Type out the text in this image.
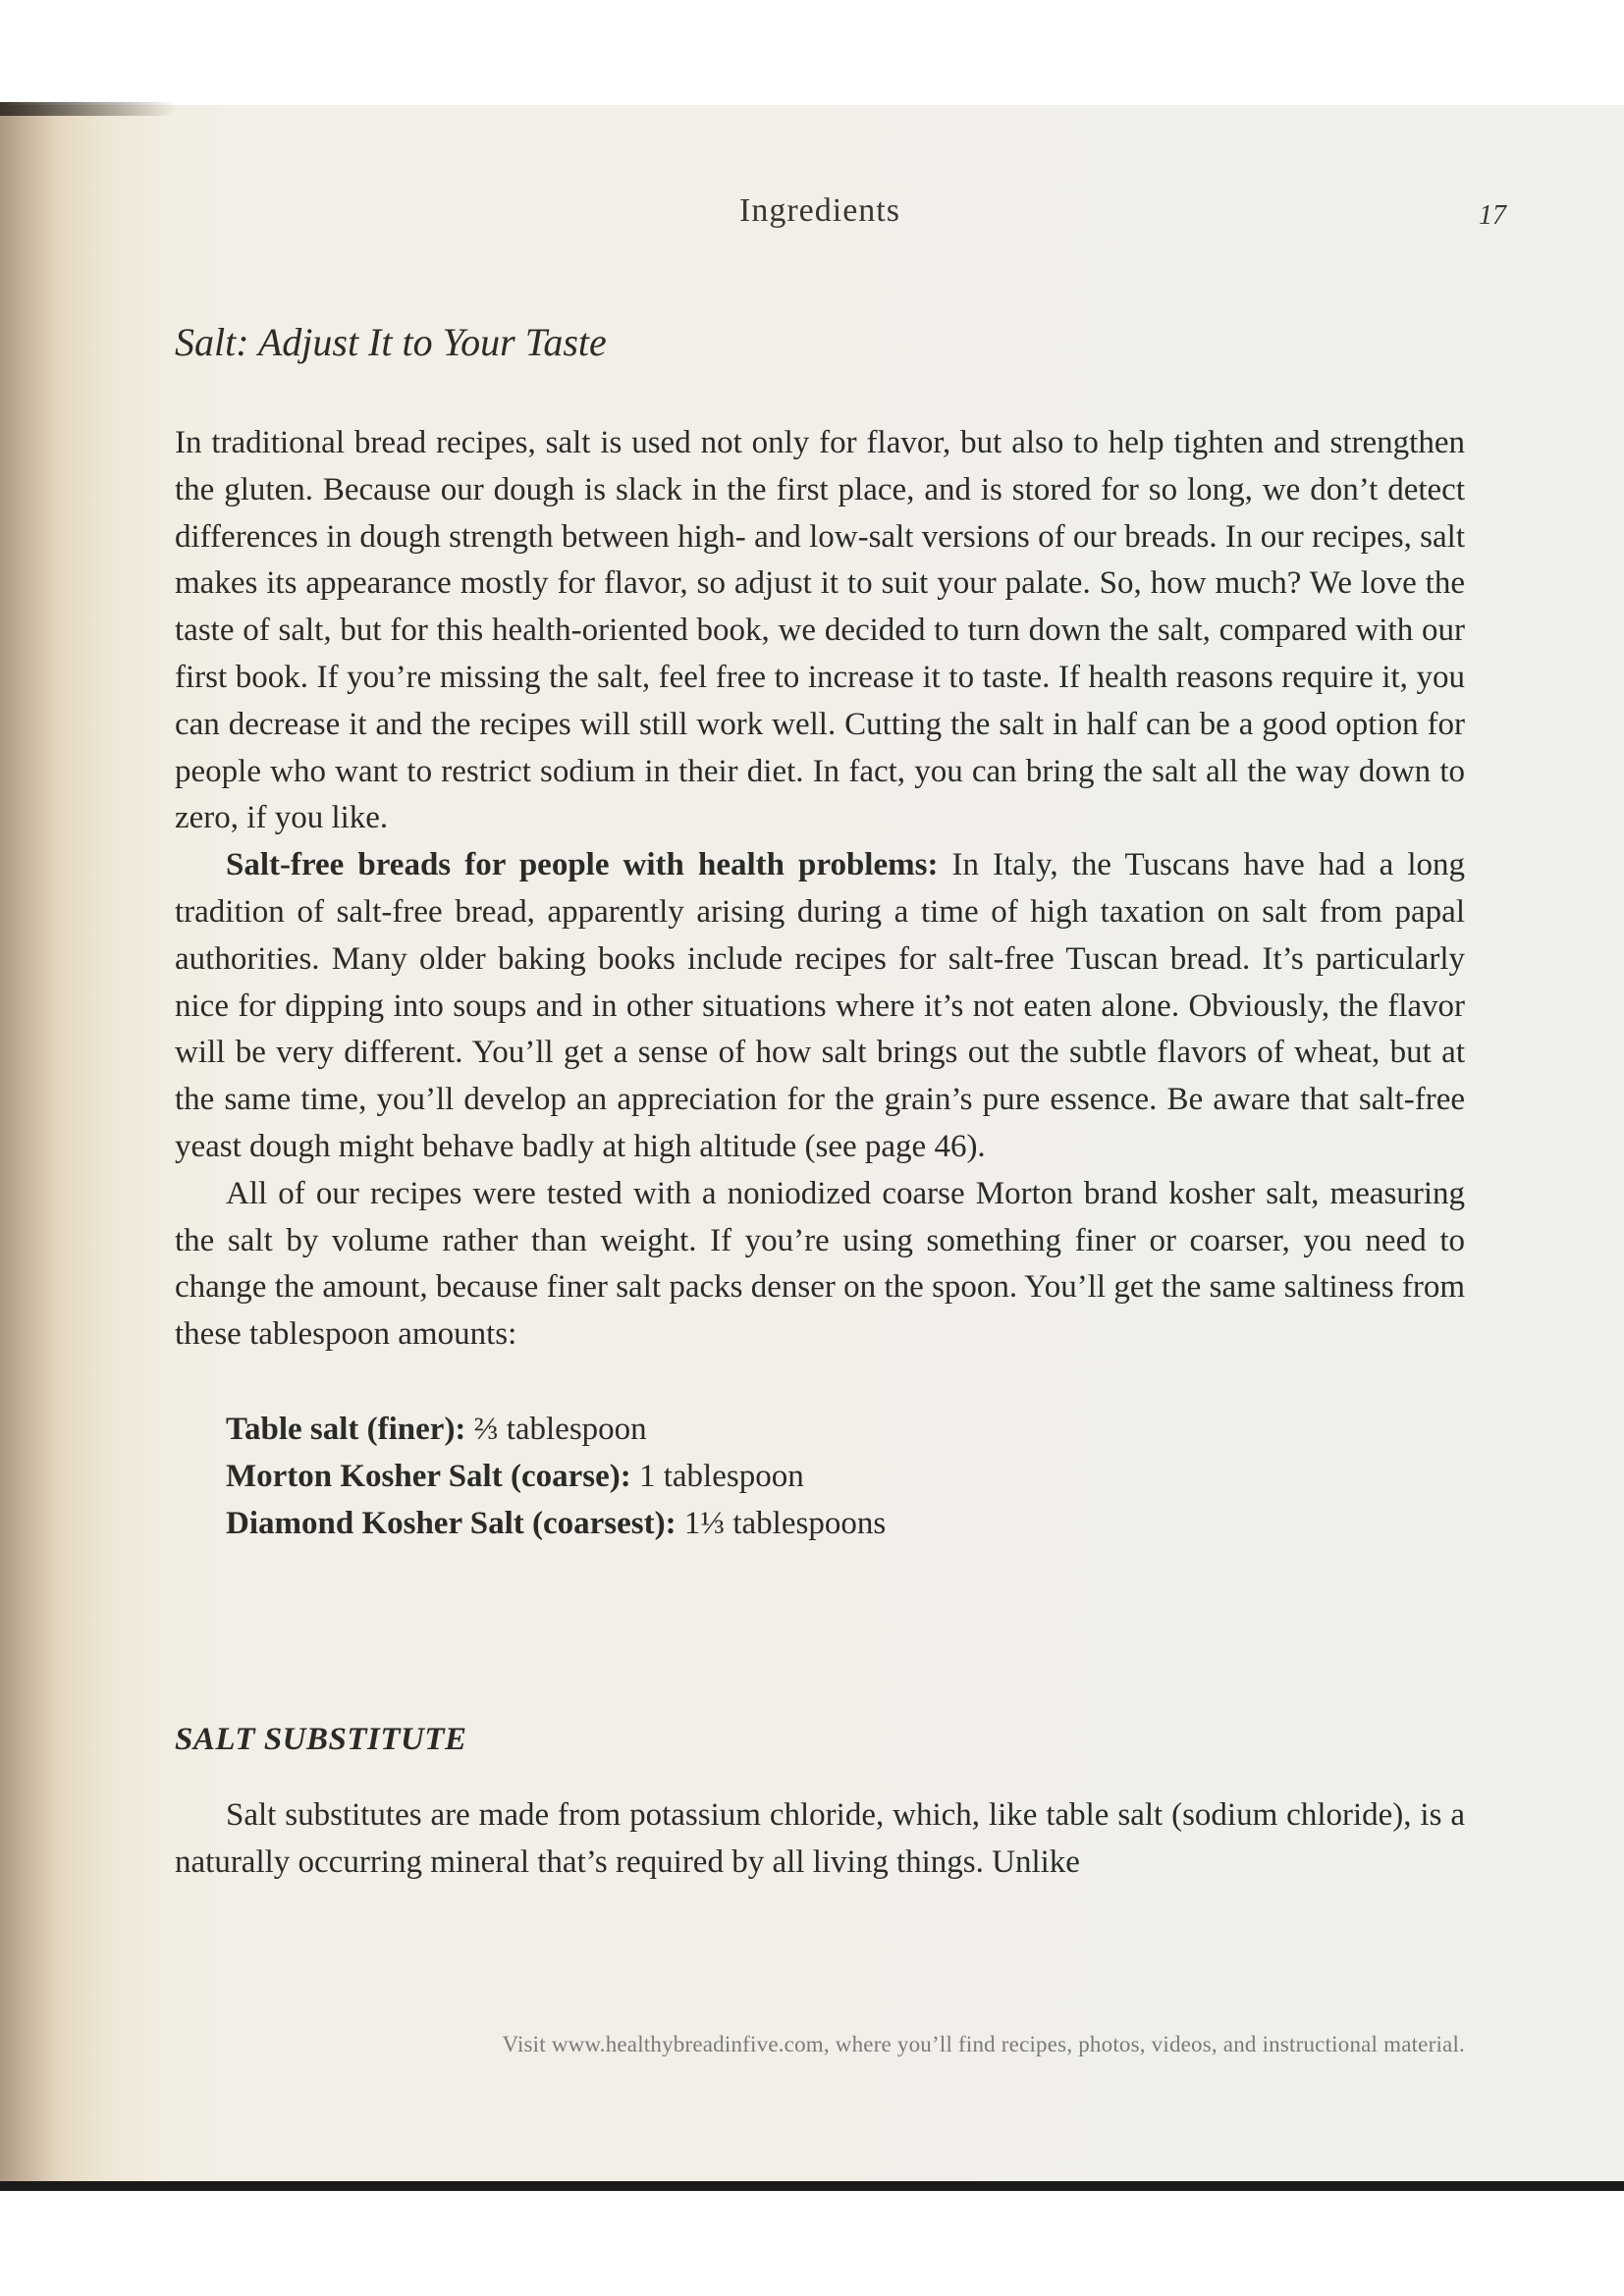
Ingredients	17
Salt: Adjust It to Your Taste

In traditional bread recipes, salt is used not only for flavor, but also to help tighten and strengthen the gluten. Because our dough is slack in the first place, and is stored for so long, we don’t detect differences in dough strength between high- and low-salt versions of our breads. In our recipes, salt makes its appearance mostly for flavor, so adjust it to suit your palate. So, how much? We love the taste of salt, but for this health-oriented book, we decided to turn down the salt, compared with our first book. If you’re missing the salt, feel free to increase it to taste. If health reasons require it, you can decrease it and the recipes will still work well. Cutting the salt in half can be a good option for people who want to restrict sodium in their diet. In fact, you can bring the salt all the way down to zero, if you like.

Salt-free breads for people with health problems: In Italy, the Tuscans have had a long tradition of salt-free bread, apparently arising during a time of high taxation on salt from papal authorities. Many older baking books include recipes for salt-free Tuscan bread. It’s particularly nice for dipping into soups and in other situations where it’s not eaten alone. Obviously, the flavor will be very different. You’ll get a sense of how salt brings out the subtle flavors of wheat, but at the same time, you’ll develop an appreciation for the grain’s pure essence. Be aware that salt-free yeast dough might behave badly at high altitude (see page 46).

All of our recipes were tested with a noniodized coarse Morton brand kosher salt, measuring the salt by volume rather than weight. If you’re using something finer or coarser, you need to change the amount, because finer salt packs denser on the spoon. You’ll get the same saltiness from these tablespoon amounts:

Table salt (finer): ⅔ tablespoon
Morton Kosher Salt (coarse): 1 tablespoon
Diamond Kosher Salt (coarsest): 1⅓ tablespoons
SALT SUBSTITUTE

Salt substitutes are made from potassium chloride, which, like table salt (sodium chloride), is a naturally occurring mineral that’s required by all living things. Unlike

Visit www.healthybreadinfive.com, where you’ll find recipes, photos, videos, and instructional material.
